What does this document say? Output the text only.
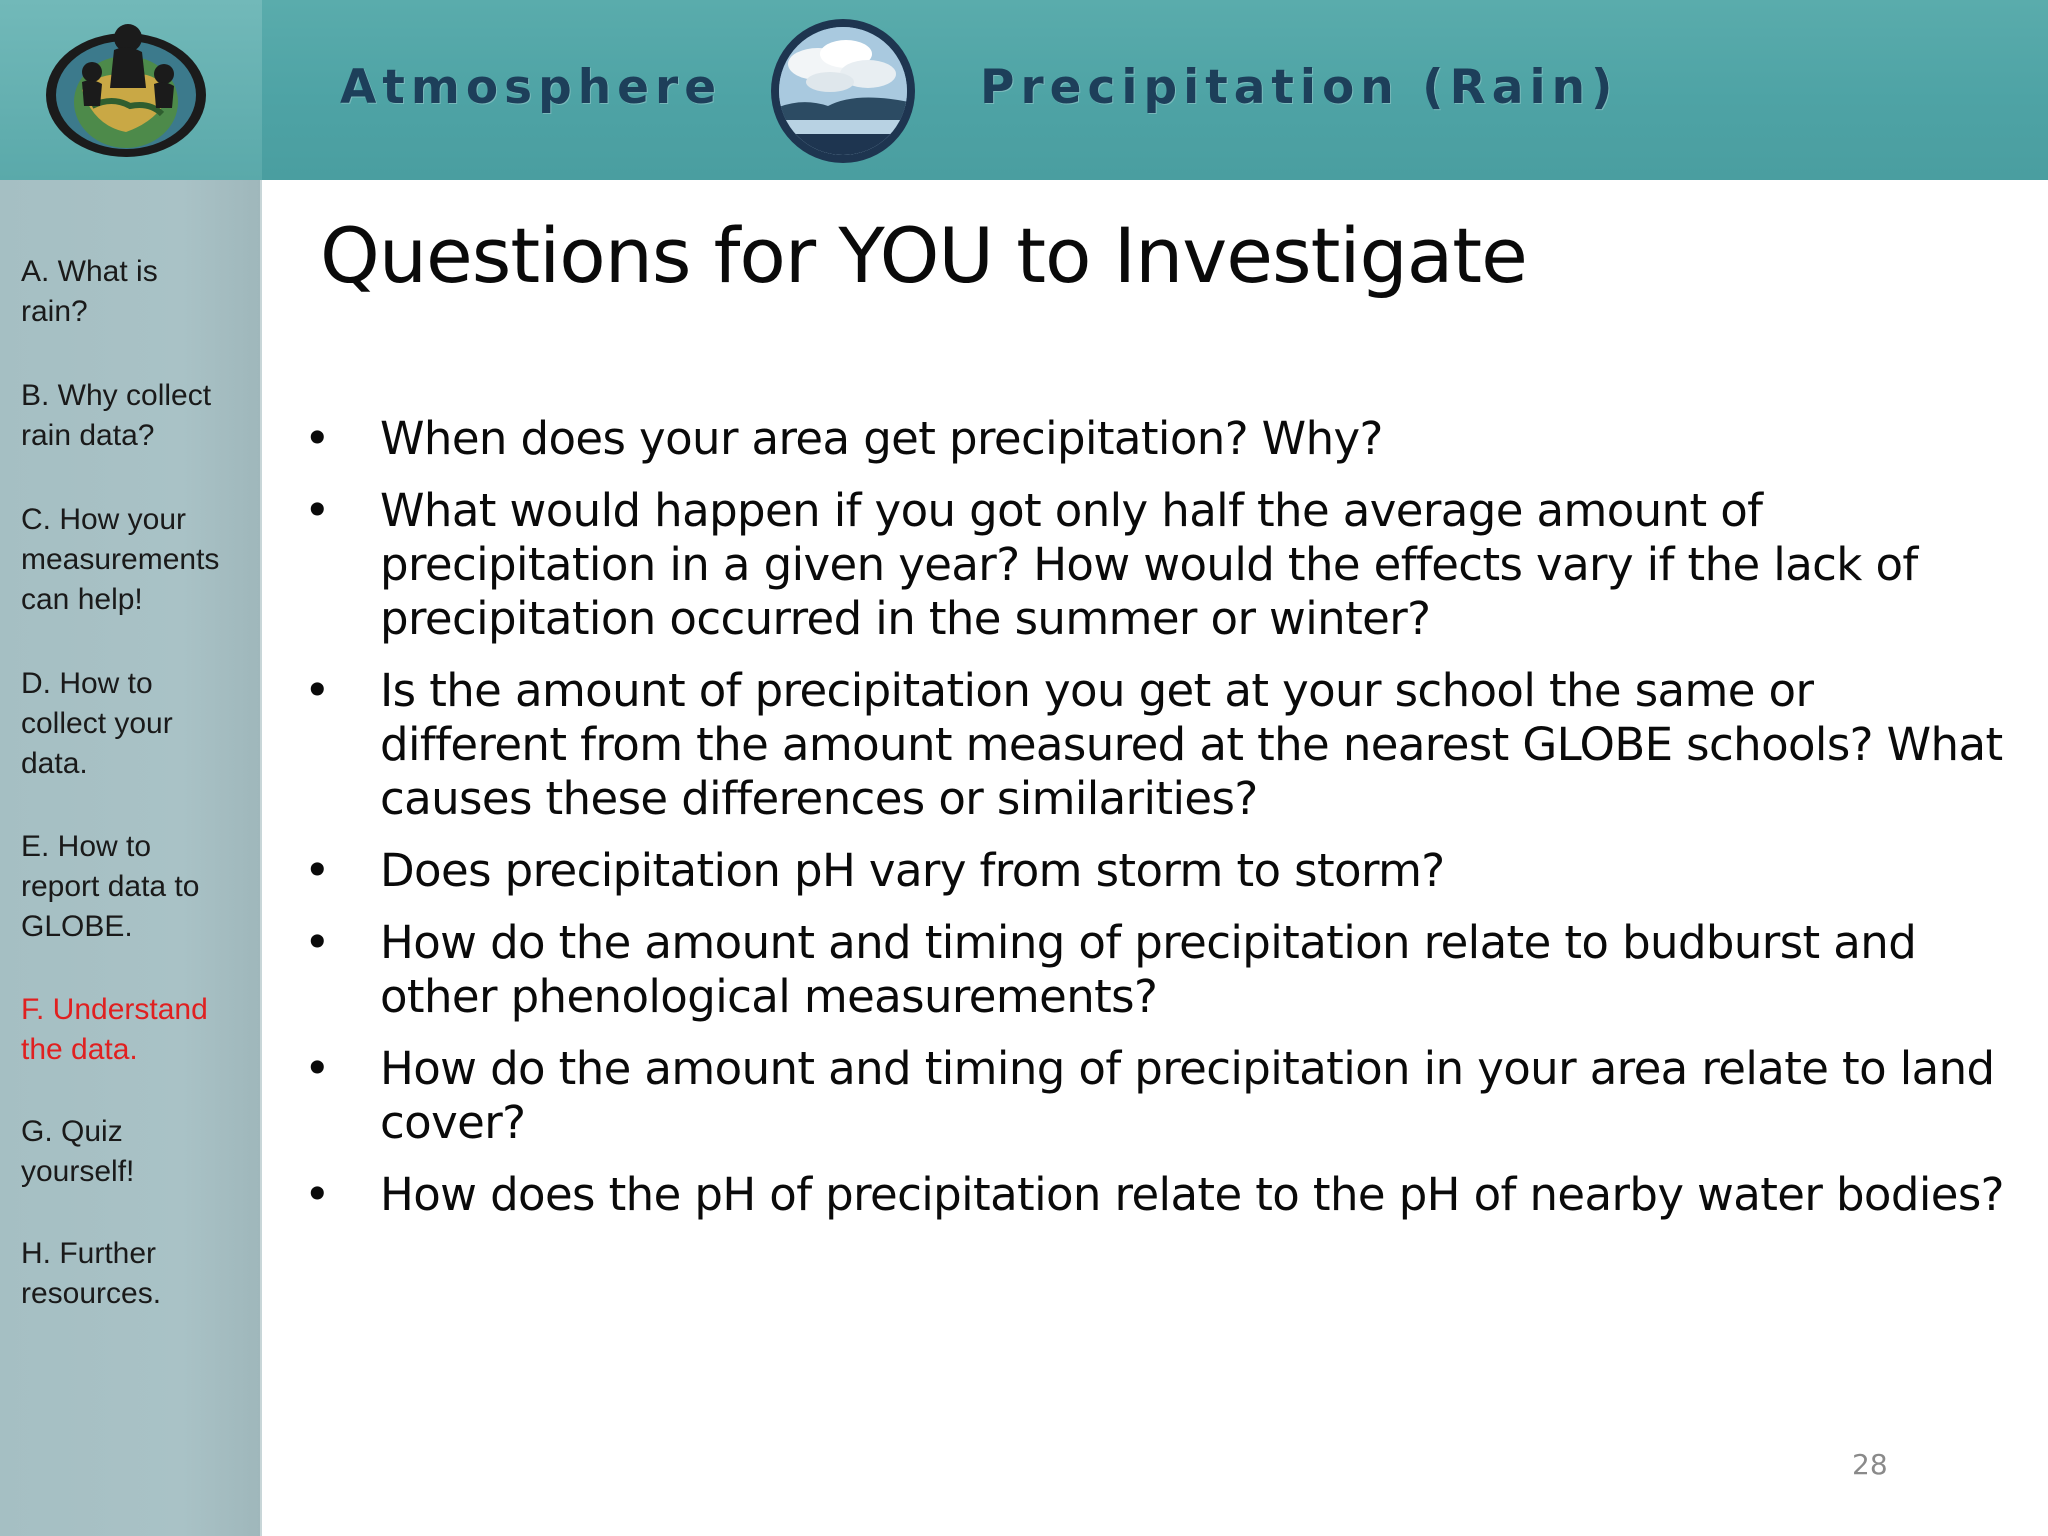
Atmosphere	Precipitation (Rain)
A. What is
rain?
B. Why collect
rain data?
C. How your
measurements
can help!
D. How to
collect your
data.
E. How to
report data to
GLOBE.
F. Understand
the data.
G. Quiz
yourself!
H. Further
resources.
Questions for YOU to Investigate
• When does your area get precipitation? Why?
• What would happen if you got only half the average amount of precipitation in a given year? How would the effects vary if the lack of precipitation occurred in the summer or winter?
• Is the amount of precipitation you get at your school the same or different from the amount measured at the nearest GLOBE schools? What causes these differences or similarities?
• Does precipitation pH vary from storm to storm?
• How do the amount and timing of precipitation relate to budburst and other phenological measurements?
• How do the amount and timing of precipitation in your area relate to land cover?
• How does the pH of precipitation relate to the pH of nearby water bodies?
28
